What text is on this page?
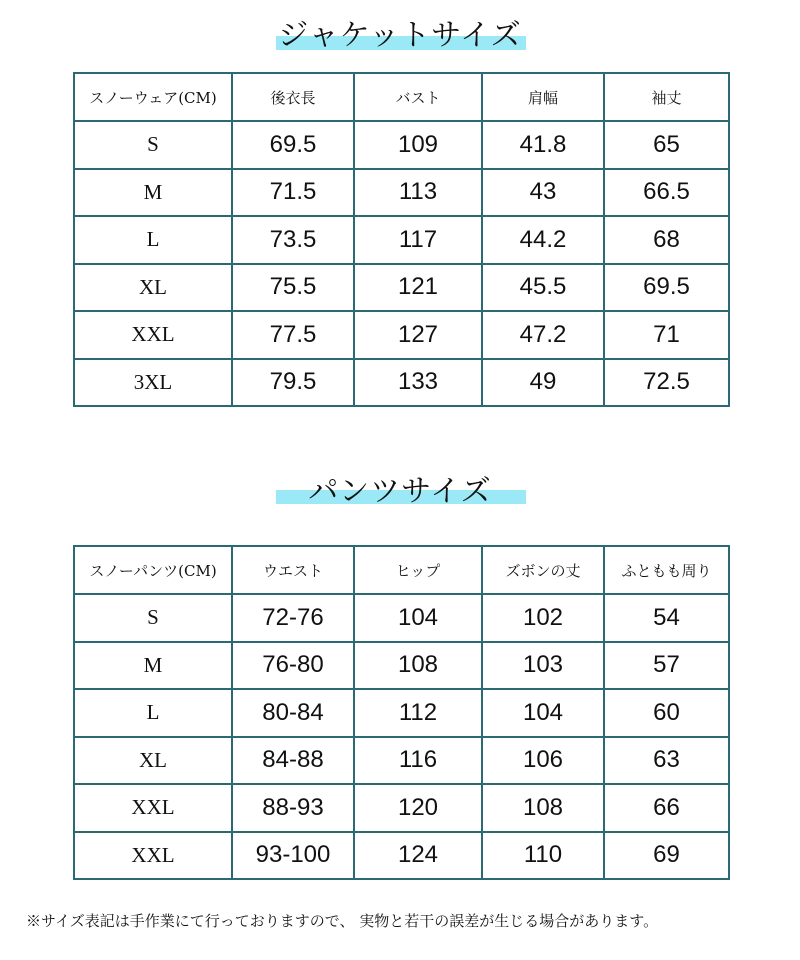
ジャケットサイズ
スノーウェア(CM)	後衣長	バスト	肩幅	袖丈
S	69.5	109	41.8	65
M	71.5	113	43	66.5
L	73.5	117	44.2	68
XL	75.5	121	45.5	69.5
XXL	77.5	127	47.2	71
3XL	79.5	133	49	72.5
パンツサイズ
スノーパンツ(CM)	ウエスト	ヒップ	ズボンの丈	ふともも周り
S	72-76	104	102	54
M	76-80	108	103	57
L	80-84	112	104	60
XL	84-88	116	106	63
XXL	88-93	120	108	66
XXL	93-100	124	110	69
※サイズ表記は手作業にて行っておりますので、 実物と若干の誤差が生じる場合があります。
